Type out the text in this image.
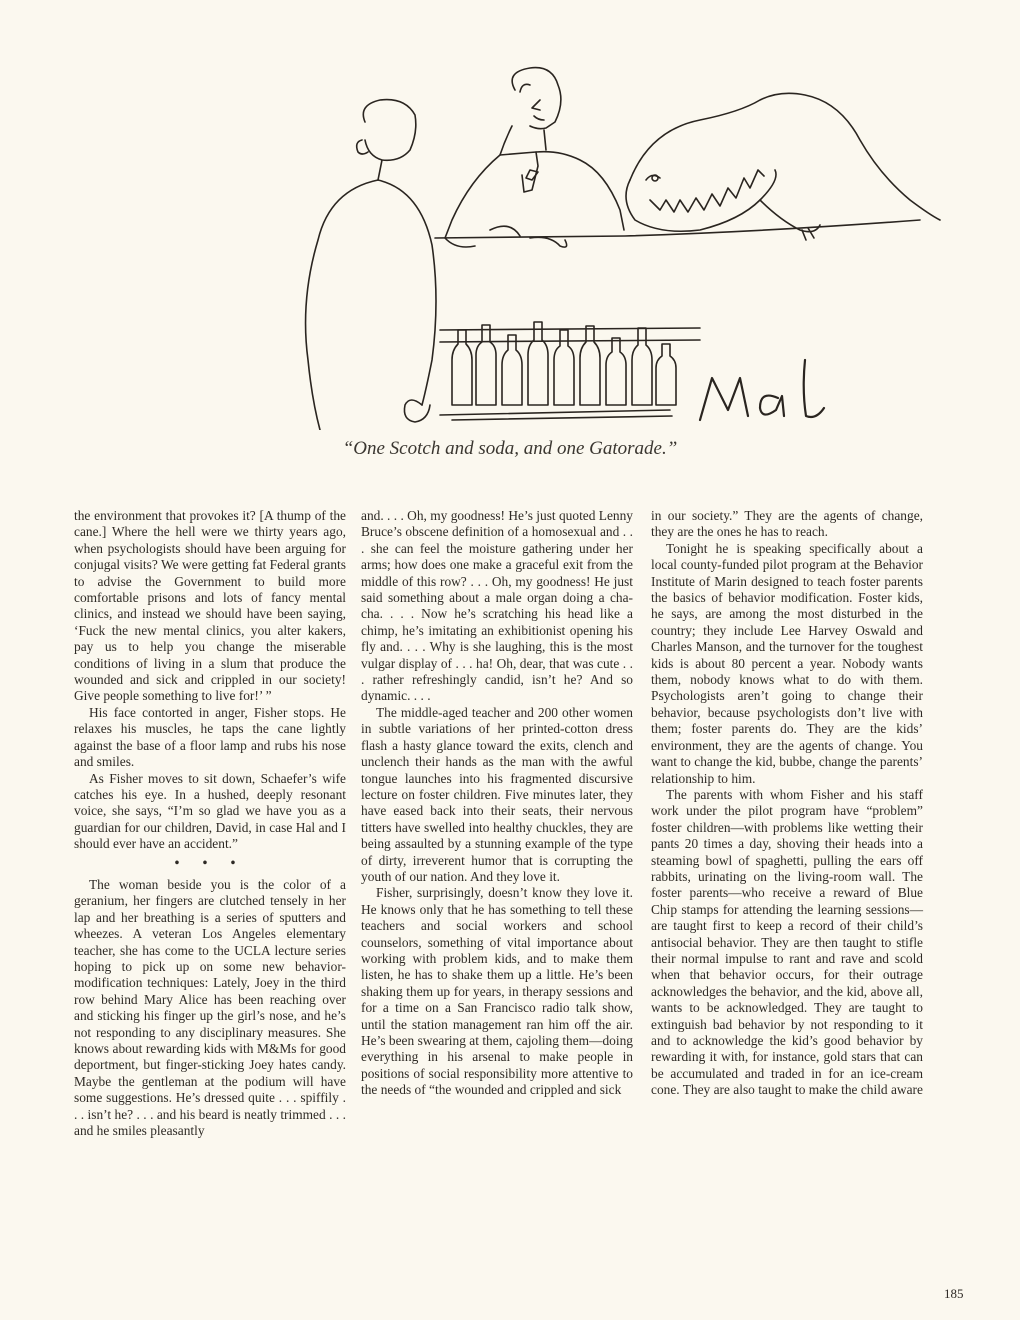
“One Scotch and soda, and one Gatorade.”

the environment that provokes it? [A thump of the cane.] Where the hell were we thirty years ago, when psychologists should have been arguing for conjugal visits? We were getting fat Federal grants to advise the Government to build more comfortable prisons and lots of fancy mental clinics, and instead we should have been saying, ‘Fuck the new mental clinics, you alter kakers, pay us to help you change the miserable conditions of living in a slum that produce the wounded and sick and crippled in our society! Give people something to live for!’ ”

His face contorted in anger, Fisher stops. He relaxes his muscles, he taps the cane lightly against the base of a floor lamp and rubs his nose and smiles.

As Fisher moves to sit down, Schaefer’s wife catches his eye. In a hushed, deeply resonant voice, she says, “I’m so glad we have you as a guardian for our children, David, in case Hal and I should ever have an accident.”

• • •

The woman beside you is the color of a geranium, her fingers are clutched tensely in her lap and her breathing is a series of sputters and wheezes. A veteran Los Angeles elementary teacher, she has come to the UCLA lecture series hoping to pick up on some new behavior-modification techniques: Lately, Joey in the third row behind Mary Alice has been reaching over and sticking his finger up the girl’s nose, and he’s not responding to any disciplinary measures. She knows about rewarding kids with M&Ms for good deportment, but finger-sticking Joey hates candy. Maybe the gentleman at the podium will have some suggestions. He’s dressed quite . . . spiffily . . . isn’t he? . . . and his beard is neatly trimmed . . . and he smiles pleasantly

and. . . . Oh, my goodness! He’s just quoted Lenny Bruce’s obscene definition of a homosexual and . . . she can feel the moisture gathering under her arms; how does one make a graceful exit from the middle of this row? . . . Oh, my goodness! He just said something about a male organ doing a cha-cha. . . . Now he’s scratching his head like a chimp, he’s imitating an exhibitionist opening his fly and. . . . Why is she laughing, this is the most vulgar display of . . . ha! Oh, dear, that was cute . . . rather refreshingly candid, isn’t he? And so dynamic. . . .

The middle-aged teacher and 200 other women in subtle variations of her printed-cotton dress flash a hasty glance toward the exits, clench and unclench their hands as the man with the awful tongue launches into his fragmented discursive lecture on foster children. Five minutes later, they have eased back into their seats, their nervous titters have swelled into healthy chuckles, they are being assaulted by a stunning example of the type of dirty, irreverent humor that is corrupting the youth of our nation. And they love it.

Fisher, surprisingly, doesn’t know they love it. He knows only that he has something to tell these teachers and social workers and school counselors, something of vital importance about working with problem kids, and to make them listen, he has to shake them up a little. He’s been shaking them up for years, in therapy sessions and for a time on a San Francisco radio talk show, until the station management ran him off the air. He’s been swearing at them, cajoling them—doing everything in his arsenal to make people in positions of social responsibility more attentive to the needs of “the wounded and crippled and sick

in our society.” They are the agents of change, they are the ones he has to reach.

Tonight he is speaking specifically about a local county-funded pilot program at the Behavior Institute of Marin designed to teach foster parents the basics of behavior modification. Foster kids, he says, are among the most disturbed in the country; they include Lee Harvey Oswald and Charles Manson, and the turnover for the toughest kids is about 80 percent a year. Nobody wants them, nobody knows what to do with them. Psychologists aren’t going to change their behavior, because psychologists don’t live with them; foster parents do. They are the kids’ environment, they are the agents of change. You want to change the kid, bubbe, change the parents’ relationship to him.

The parents with whom Fisher and his staff work under the pilot program have “problem” foster children—with problems like wetting their pants 20 times a day, shoving their heads into a steaming bowl of spaghetti, pulling the ears off rabbits, urinating on the living-room wall. The foster parents—who receive a reward of Blue Chip stamps for attending the learning sessions—are taught first to keep a record of their child’s antisocial behavior. They are then taught to stifle their normal impulse to rant and rave and scold when that behavior occurs, for their outrage acknowledges the behavior, and the kid, above all, wants to be acknowledged. They are taught to extinguish bad behavior by not responding to it and to acknowledge the kid’s good behavior by rewarding it with, for instance, gold stars that can be accumulated and traded in for an ice-cream cone. They are also taught to make the child aware

185
